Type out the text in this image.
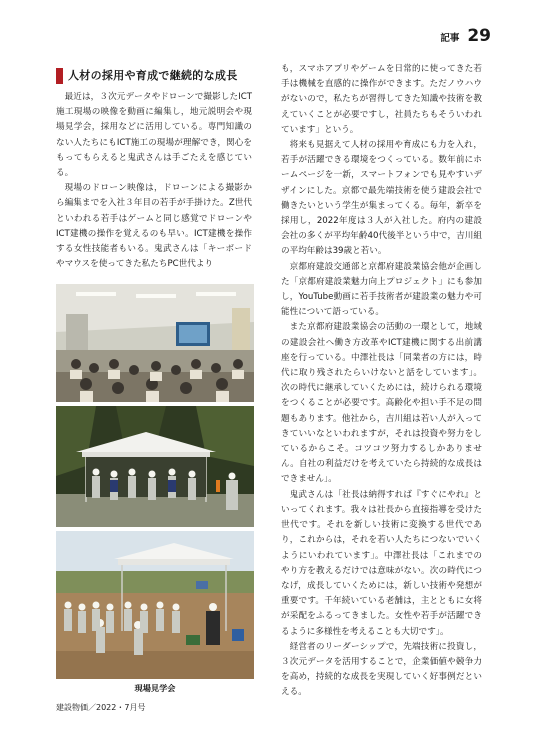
記事 29
人材の採用や育成で継続的な成長

最近は，３次元データやドローンで撮影したICT施工現場の映像を動画に編集し，地元説明会や現場見学会，採用などに活用している。専門知識のない人たちにもICT施工の現場が理解でき，関心をもってもらえると鬼武さんは手ごたえを感じている。

現場のドローン映像は，ドローンによる撮影から編集までを入社３年目の若手が手掛けた。Z世代といわれる若手はゲームと同じ感覚でドローンやICT建機の操作を覚えるのも早い。ICT建機を操作する女性技能者もいる。鬼武さんは「キーボードやマウスを使ってきた私たちPC世代より

現場見学会

も，スマホアプリやゲームを日常的に使ってきた若手は機械を直感的に操作ができます。ただノウハウがないので，私たちが習得してきた知識や技術を教えていくことが必要ですし，社員たちもそういわれています」という。

将来も見据えて人材の採用や育成にも力を入れ，若手が活躍できる環境をつくっている。数年前にホームページを一新，スマートフォンでも見やすいデザインにした。京都で最先端技術を使う建設会社で働きたいという学生が集まってくる。毎年，新卒を採用し，2022年度は３人が入社した。府内の建設会社の多くが平均年齢40代後半という中で，吉川組の平均年齢は39歳と若い。

京都府建設交通部と京都府建設業協会他が企画した「京都府建設業魅力向上プロジェクト」にも参加し，YouTube動画に若手技術者が建設業の魅力や可能性について語っている。

また京都府建設業協会の活動の一環として，地域の建設会社へ働き方改革やICT建機に関する出前講座を行っている。中澤社長は「同業者の方には，時代に取り残されたらいけないと話をしています」。次の時代に継承していくためには，続けられる環境をつくることが必要です。高齢化や担い手不足の問題もあります。他社から，吉川組は若い人が入ってきていいなといわれますが，それは投資や努力をしているからこそ。コツコツ努力するしかありません。自社の利益だけを考えていたら持続的な成長はできません」。

鬼武さんは「社長は納得すれば『すぐにやれ』といってくれます。我々は社長から直接指導を受けた世代です。それを新しい技術に変換する世代であり，これからは，それを若い人たちにつないでいくようにいわれています」。中澤社長は「これまでのやり方を教えるだけでは意味がない。次の時代につなげ，成長していくためには，新しい技術や発想が重要です。千年続いている老舗は，主とともに女将が采配をふるってきました。女性や若手が活躍できるように多様性を考えることも大切です」。

経営者のリーダーシップで，先端技術に投資し，３次元データを活用することで，企業価値や競争力を高め，持続的な成長を実現していく好事例だといえる。

建設物価／2022・7月号
